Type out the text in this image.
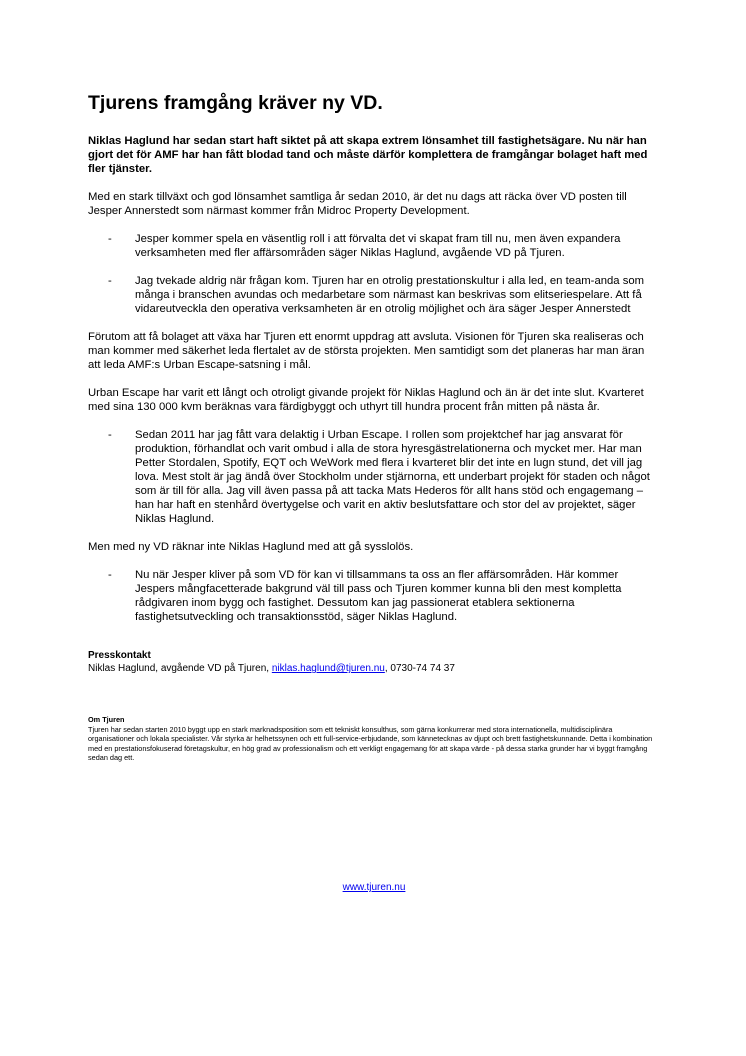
Tjurens framgång kräver ny VD.
Niklas Haglund har sedan start haft siktet på att skapa extrem lönsamhet till fastighetsägare. Nu när han gjort det för AMF har han fått blodad tand och måste därför komplettera de framgångar bolaget haft med fler tjänster.

Med en stark tillväxt och god lönsamhet samtliga år sedan 2010, är det nu dags att räcka över VD posten till Jesper Annerstedt som närmast kommer från Midroc Property Development.

- Jesper kommer spela en väsentlig roll i att förvalta det vi skapat fram till nu, men även expandera verksamheten med fler affärsområden säger Niklas Haglund, avgående VD på Tjuren.
- Jag tvekade aldrig när frågan kom. Tjuren har en otrolig prestationskultur i alla led, en team-anda som många i branschen avundas och medarbetare som närmast kan beskrivas som elitseriespelare. Att få vidareutveckla den operativa verksamheten är en otrolig möjlighet och ära säger Jesper Annerstedt

Förutom att få bolaget att växa har Tjuren ett enormt uppdrag att avsluta. Visionen för Tjuren ska realiseras och man kommer med säkerhet leda flertalet av de största projekten. Men samtidigt som det planeras har man äran att leda AMF:s Urban Escape-satsning i mål.

Urban Escape har varit ett långt och otroligt givande projekt för Niklas Haglund och än är det inte slut. Kvarteret med sina 130 000 kvm beräknas vara färdigbyggt och uthyrt till hundra procent från mitten på nästa år.

- Sedan 2011 har jag fått vara delaktig i Urban Escape. I rollen som projektchef har jag ansvarat för produktion, förhandlat och varit ombud i alla de stora hyresgästrelationerna och mycket mer. Har man Petter Stordalen, Spotify, EQT och WeWork med flera i kvarteret blir det inte en lugn stund, det vill jag lova. Mest stolt är jag ändå över Stockholm under stjärnorna, ett underbart projekt för staden och något som är till för alla. Jag vill även passa på att tacka Mats Hederos för allt hans stöd och engagemang – han har haft en stenhård övertygelse och varit en aktiv beslutsfattare och stor del av projektet, säger Niklas Haglund.

Men med ny VD räknar inte Niklas Haglund med att gå sysslolös.

- Nu när Jesper kliver på som VD för kan vi tillsammans ta oss an fler affärsområden. Här kommer Jespers mångfacetterade bakgrund väl till pass och Tjuren kommer kunna bli den mest kompletta rådgivaren inom bygg och fastighet. Dessutom kan jag passionerat etablera sektionerna fastighetsutveckling och transaktionsstöd, säger Niklas Haglund.
Presskontakt
Niklas Haglund, avgående VD på Tjuren, niklas.haglund@tjuren.nu, 0730-74 74 37
Om Tjuren
Tjuren har sedan starten 2010 byggt upp en stark marknadsposition som ett tekniskt konsulthus, som gärna konkurrerar med stora internationella, multidisciplinära organisationer och lokala specialister. Vår styrka är helhetssynen och ett full-service-erbjudande, som kännetecknas av djupt och brett fastighetskunnande. Detta i kombination med en prestationsfokuserad företagskultur, en hög grad av professionalism och ett verkligt engagemang för att skapa värde - på dessa starka grunder har vi byggt framgång sedan dag ett.
www.tjuren.nu
